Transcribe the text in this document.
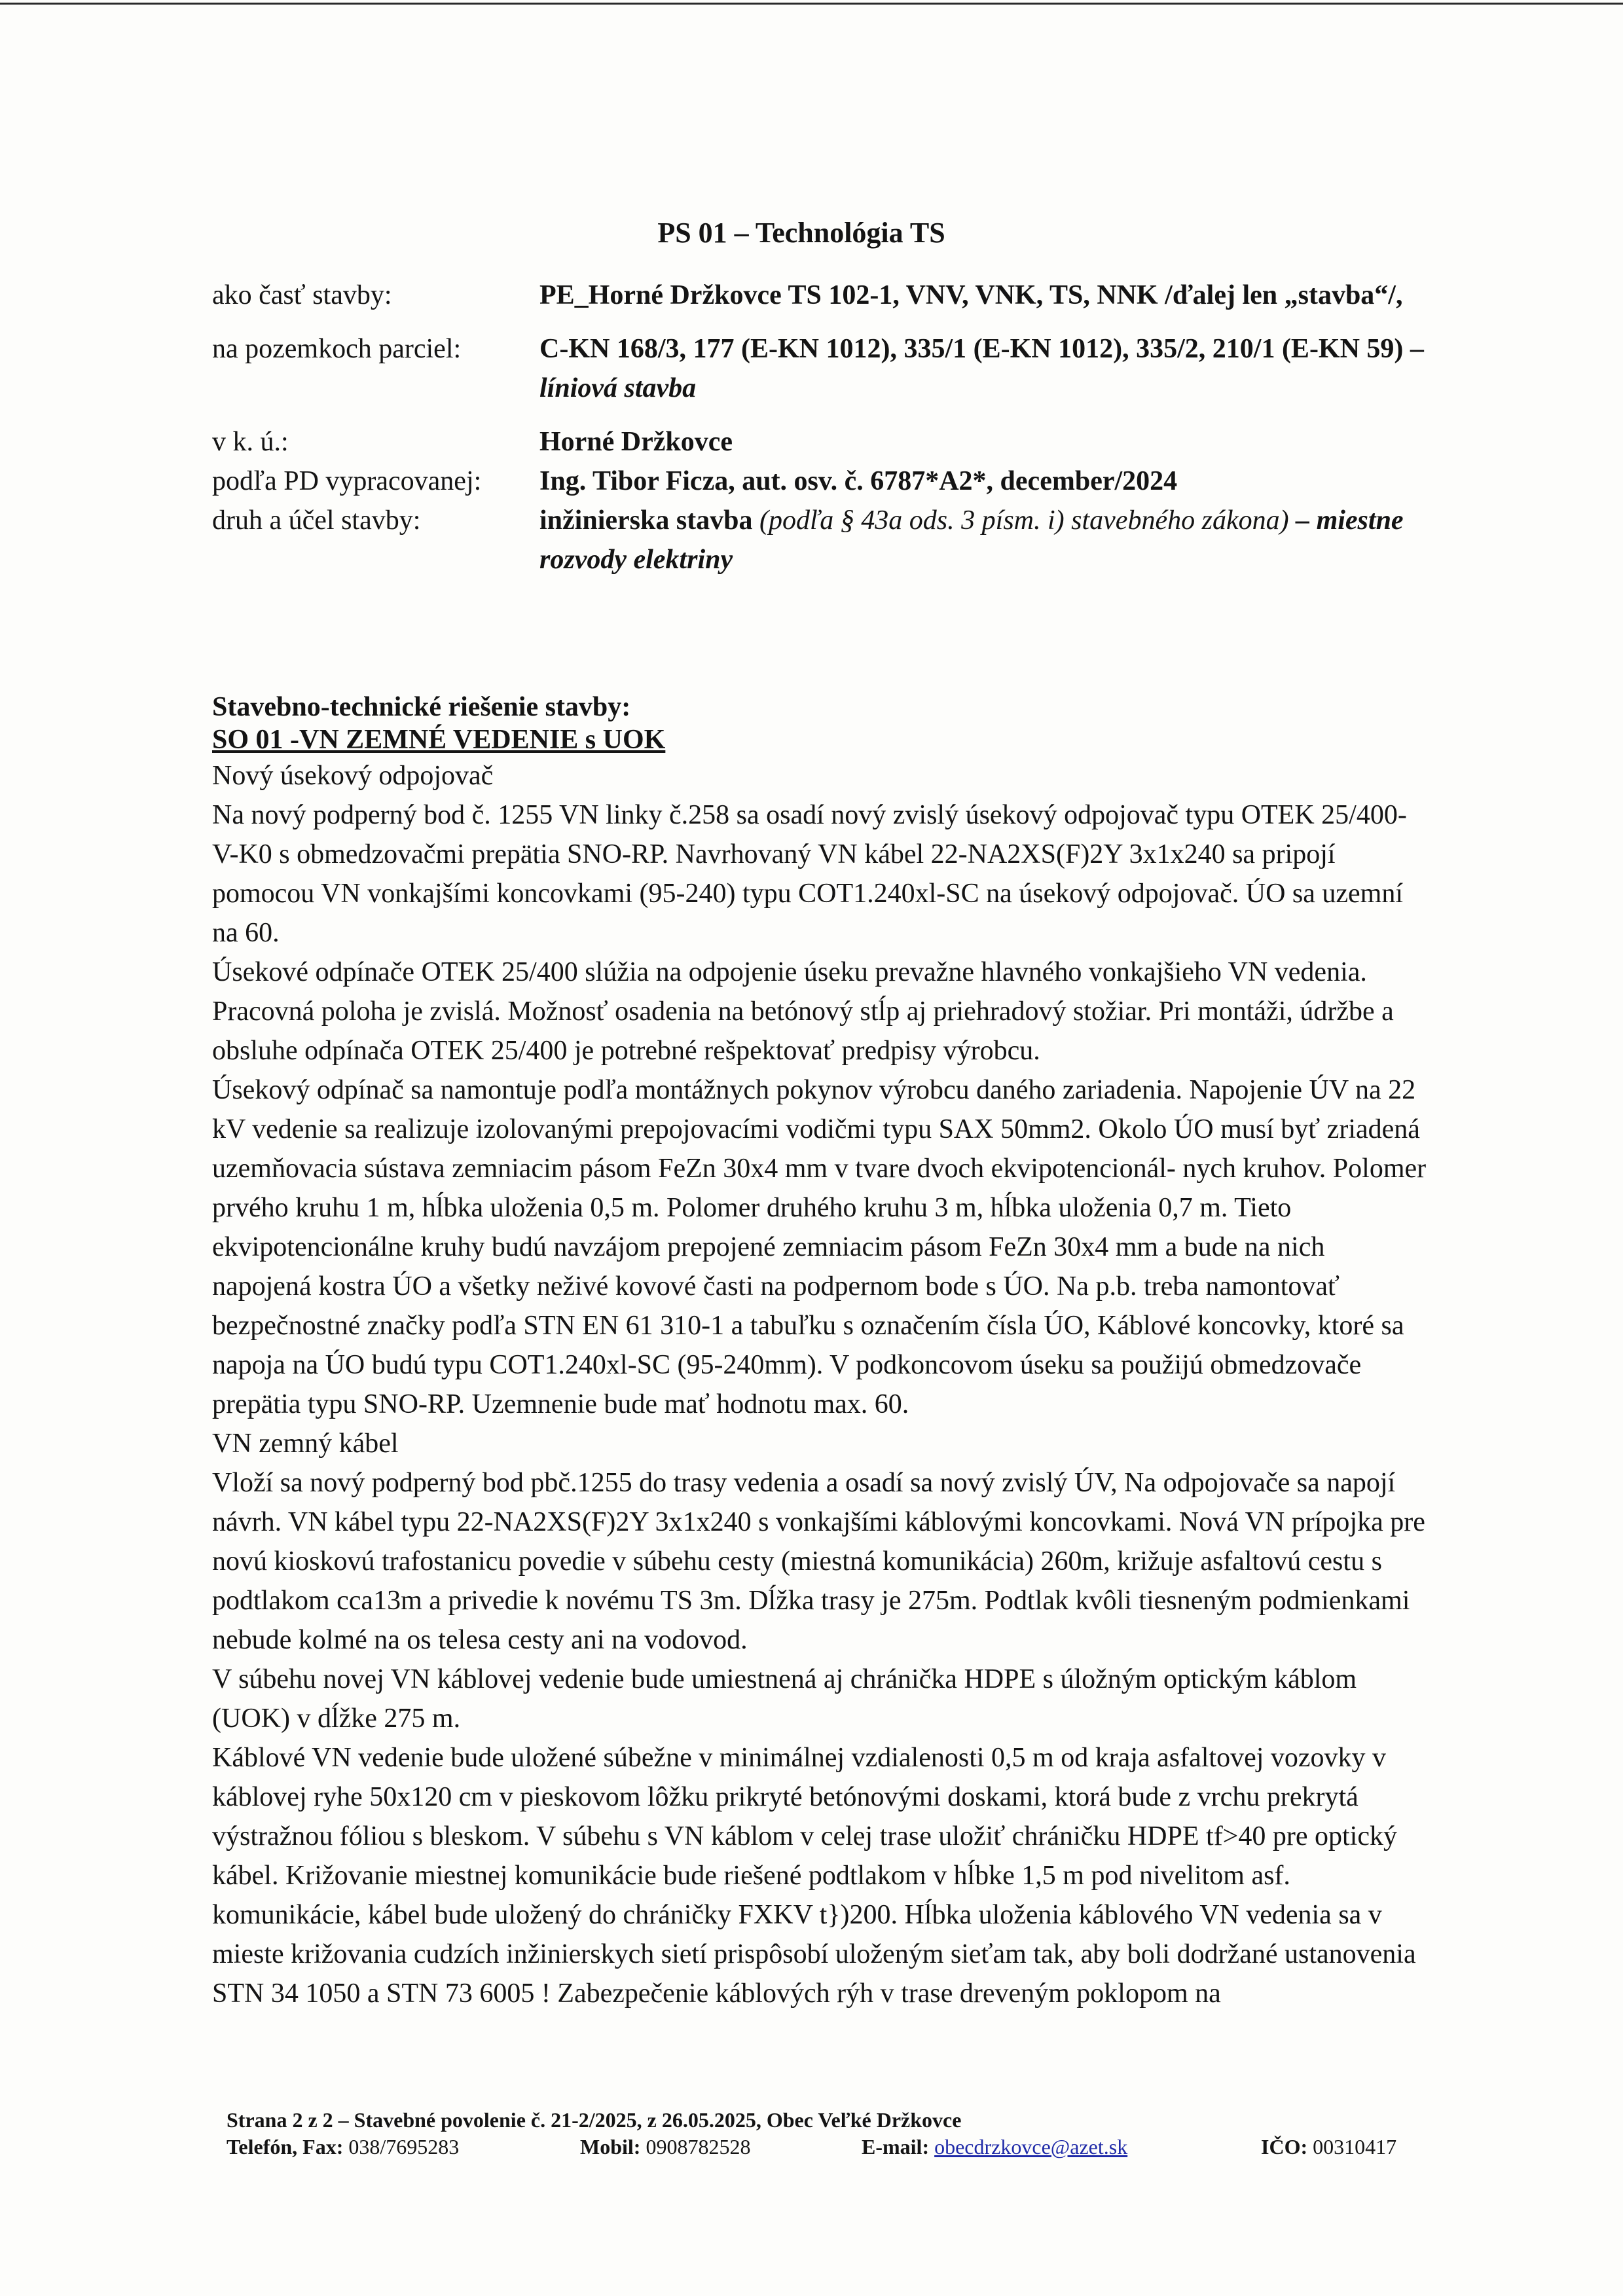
PS 01 – Technológia TS
ako časť stavby:	PE_Horné Držkovce TS 102-1, VNV, VNK, TS, NNK /ďalej len „stavba“/,
na pozemkoch parciel:	C-KN 168/3, 177 (E-KN 1012), 335/1 (E-KN 1012), 335/2, 210/1 (E-KN 59) – líniová stavba
v k. ú.:	Horné Držkovce
podľa PD vypracovanej:	Ing. Tibor Ficza, aut. osv. č. 6787*A2*, december/2024
druh a účel stavby:	inžinierska stavba (podľa § 43a ods. 3 písm. i) stavebného zákona) – miestne rozvody elektriny
Stavebno-technické riešenie stavby:
SO 01 -VN ZEMNÉ VEDENIE s UOK

Nový úsekový odpojovač

Na nový podperný bod č. 1255 VN linky č.258 sa osadí nový zvislý úsekový odpojovač typu OTEK 25/400-V-K0 s obmedzovačmi prepätia SNO-RP. Navrhovaný VN kábel 22-NA2XS(F)2Y 3x1x240 sa pripojí pomocou VN vonkajšími koncovkami (95-240) typu COT1.240xl-SC na úsekový odpojovač. ÚO sa uzemní na 60.

Úsekové odpínače OTEK 25/400 slúžia na odpojenie úseku prevažne hlavného vonkajšieho VN vedenia. Pracovná poloha je zvislá. Možnosť osadenia na betónový stĺp aj priehradový stožiar. Pri montáži, údržbe a obsluhe odpínača OTEK 25/400 je potrebné rešpektovať predpisy výrobcu.

Úsekový odpínač sa namontuje podľa montážnych pokynov výrobcu daného zariadenia. Napojenie ÚV na 22 kV vedenie sa realizuje izolovanými prepojovacími vodičmi typu SAX 50mm2. Okolo ÚO musí byť zriadená uzemňovacia sústava zemniacim pásom FeZn 30x4 mm v tvare dvoch ekvipotencionál- nych kruhov. Polomer prvého kruhu 1 m, hĺbka uloženia 0,5 m. Polomer druhého kruhu 3 m, hĺbka uloženia 0,7 m. Tieto ekvipotencionálne kruhy budú navzájom prepojené zemniacim pásom FeZn 30x4 mm a bude na nich napojená kostra ÚO a všetky neživé kovové časti na podpernom bode s ÚO. Na p.b. treba namontovať bezpečnostné značky podľa STN EN 61 310-1 a tabuľku s označením čísla ÚO, Káblové koncovky, ktoré sa napoja na ÚO budú typu COT1.240xl-SC (95-240mm). V podkoncovom úseku sa použijú obmedzovače prepätia typu SNO-RP. Uzemnenie bude mať hodnotu max. 60.

VN zemný kábel

Vloží sa nový podperný bod pbč.1255 do trasy vedenia a osadí sa nový zvislý ÚV, Na odpojovače sa napojí návrh. VN kábel typu 22-NA2XS(F)2Y 3x1x240 s vonkajšími káblovými koncovkami. Nová VN prípojka pre novú kioskovú trafostanicu povedie v súbehu cesty (miestná komunikácia) 260m, križuje asfaltovú cestu s podtlakom cca13m a privedie k novému TS 3m. Dĺžka trasy je 275m. Podtlak kvôli tiesneným podmienkami nebude kolmé na os telesa cesty ani na vodovod.

V súbehu novej VN káblovej vedenie bude umiestnená aj chránička HDPE s úložným optickým káblom (UOK) v dĺžke 275 m.

Káblové VN vedenie bude uložené súbežne v minimálnej vzdialenosti 0,5 m od kraja asfaltovej vozovky v káblovej ryhe 50x120 cm v pieskovom lôžku prikryté betónovými doskami, ktorá bude z vrchu prekrytá výstražnou fóliou s bleskom. V súbehu s VN káblom v celej trase uložiť chráničku HDPE tf>40 pre optický kábel. Križovanie miestnej komunikácie bude riešené podtlakom v hĺbke 1,5 m pod nivelitom asf. komunikácie, kábel bude uložený do chráničky FXKV t})200. Hĺbka uloženia káblového VN vedenia sa v mieste križovania cudzích inžinierskych sietí prispôsobí uloženým sieťam tak, aby boli dodržané ustanovenia STN 34 1050 a STN 73 6005 ! Zabezpečenie káblových rýh v trase dreveným poklopom na

Strana 2 z 2 – Stavebné povolenie č. 21-2/2025, z 26.05.2025, Obec Veľké Držkovce
Telefón, Fax: 038/7695283	Mobil: 0908782528	E-mail: obecdrzkovce@azet.sk	IČO: 00310417
